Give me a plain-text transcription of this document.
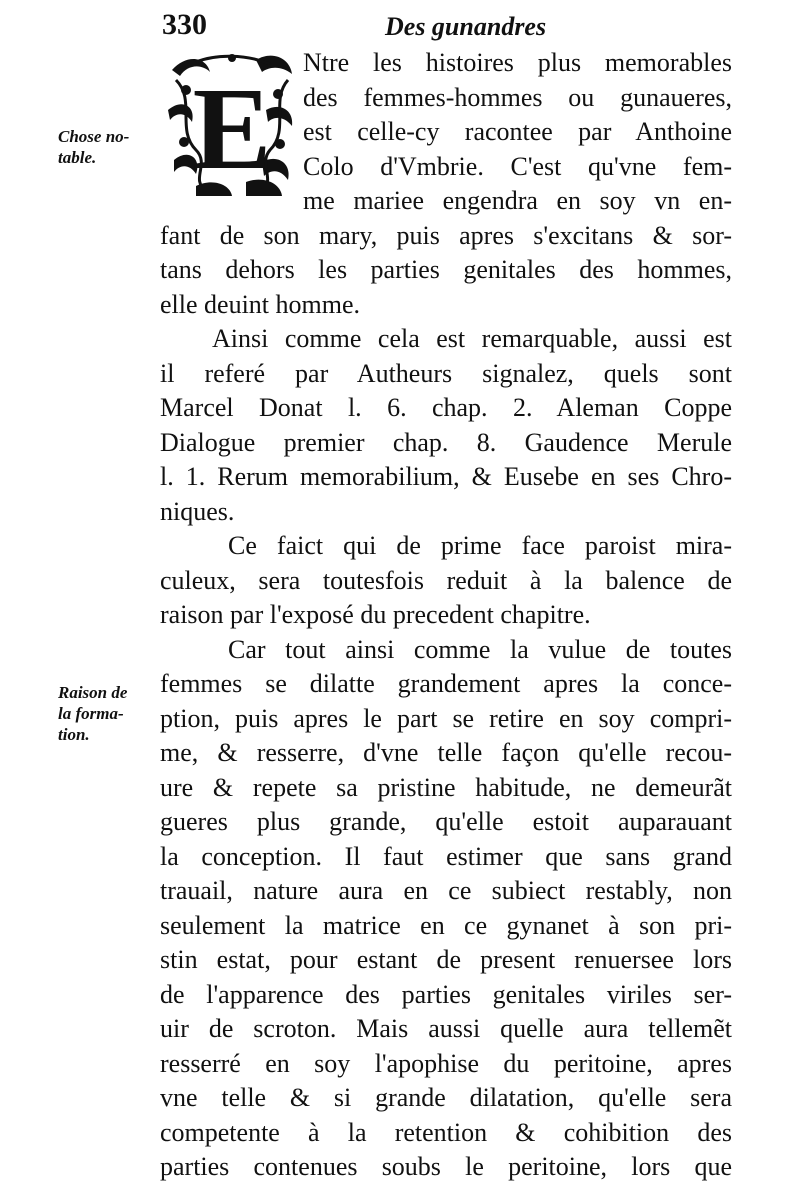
330	Des gunandres
Chose no-
table.
Raison de
la forma-
tion.
E
Ntre les histoires plus memorables
des femmes-hommes ou gunaueres,
est celle-cy racontee par Anthoine
Colo d'Vmbrie. C'est qu'vne fem-
me mariee engendra en soy vn en-
fant de son mary, puis apres s'excitans & sor-
tans dehors les parties genitales des hommes,
elle deuint homme.
Ainsi comme cela est remarquable, aussi est
il referé par Autheurs signalez, quels sont
Marcel Donat l. 6. chap. 2. Aleman Coppe
Dialogue premier chap. 8. Gaudence Merule
l. 1. Rerum memorabilium, & Eusebe en ses Chro-
niques.
Ce faict qui de prime face paroist mira-
culeux, sera toutesfois reduit à la balence de
raison par l'exposé du precedent chapitre.
Car tout ainsi comme la vulue de toutes
femmes se dilatte grandement apres la conce-
ption, puis apres le part se retire en soy compri-
me, & resserre, d'vne telle façon qu'elle recou-
ure & repete sa pristine habitude, ne demeurãt
gueres plus grande, qu'elle estoit auparauant
la conception. Il faut estimer que sans grand
trauail, nature aura en ce subiect restably, non
seulement la matrice en ce gynanet à son pri-
stin estat, pour estant de present renuersee lors
de l'apparence des parties genitales viriles ser-
uir de scroton. Mais aussi quelle aura tellemẽt
resserré en soy l'apophise du peritoine, apres
vne telle & si grande dilatation, qu'elle sera
competente à la retention & cohibition des
parties contenues soubs le peritoine, lors que
